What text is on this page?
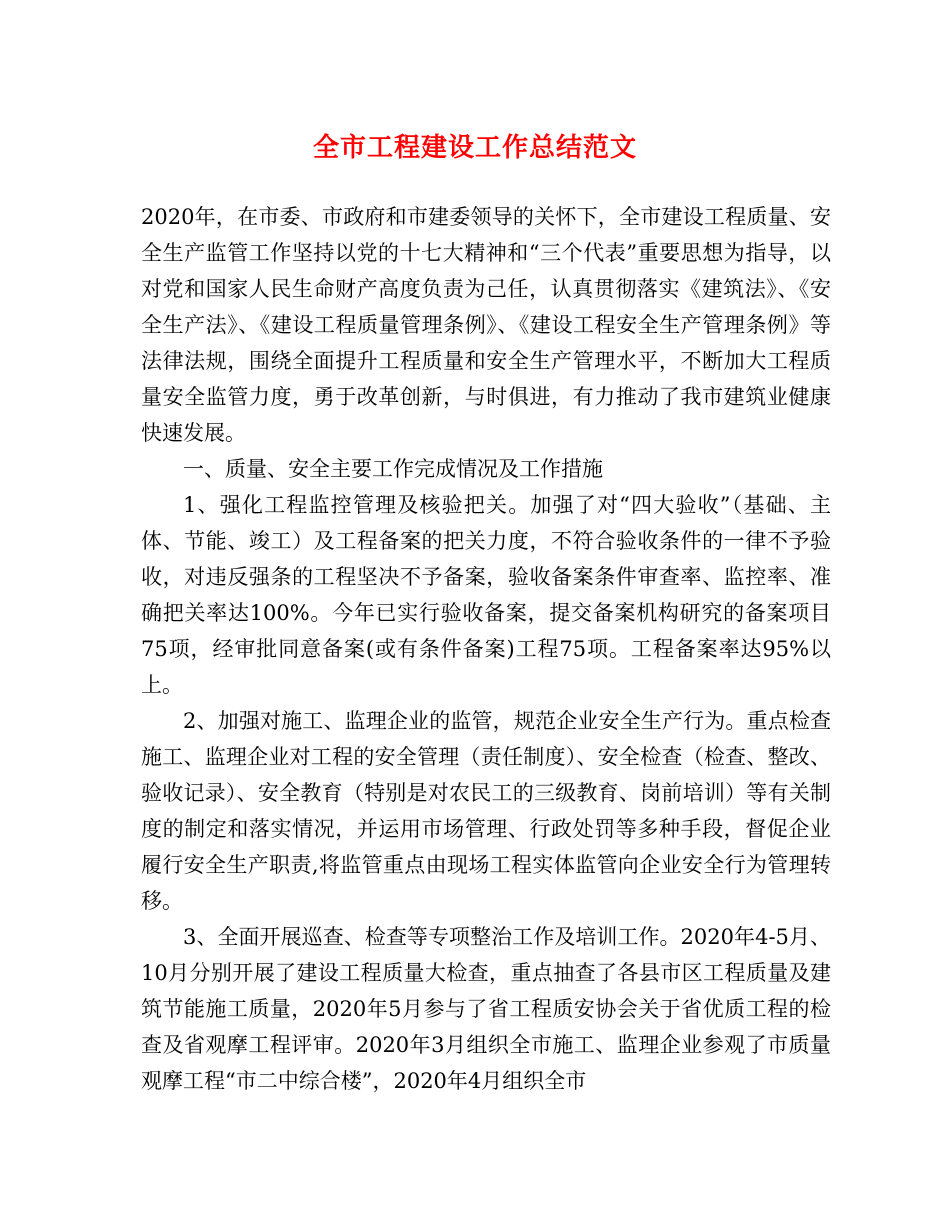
全市工程建设工作总结范文

2020年，在市委、市政府和市建委领导的关怀下，全市建设工程质量、安全生产监管工作坚持以党的十七大精神和“三个代表”重要思想为指导，以对党和国家人民生命财产高度负责为己任，认真贯彻落实《建筑法》、《安全生产法》、《建设工程质量管理条例》、《建设工程安全生产管理条例》等法律法规，围绕全面提升工程质量和安全生产管理水平，不断加大工程质量安全监管力度，勇于改革创新，与时俱进，有力推动了我市建筑业健康快速发展。

一、质量、安全主要工作完成情况及工作措施

1、强化工程监控管理及核验把关。加强了对“四大验收”（基础、主体、节能、竣工）及工程备案的把关力度，不符合验收条件的一律不予验收，对违反强条的工程坚决不予备案，验收备案条件审查率、监控率、准确把关率达100%。今年已实行验收备案，提交备案机构研究的备案项目75项，经审批同意备案(或有条件备案)工程75项。工程备案率达95%以上。

2、加强对施工、监理企业的监管，规范企业安全生产行为。重点检查施工、监理企业对工程的安全管理（责任制度）、安全检查（检查、整改、验收记录）、安全教育（特别是对农民工的三级教育、岗前培训）等有关制度的制定和落实情况，并运用市场管理、行政处罚等多种手段，督促企业履行安全生产职责,将监管重点由现场工程实体监管向企业安全行为管理转移。

3、全面开展巡查、检查等专项整治工作及培训工作。2020年4-5月、10月分别开展了建设工程质量大检查，重点抽查了各县市区工程质量及建筑节能施工质量，2020年5月参与了省工程质安协会关于省优质工程的检查及省观摩工程评审。2020年3月组织全市施工、监理企业参观了市质量观摩工程“市二中综合楼”，2020年4月组织全市
